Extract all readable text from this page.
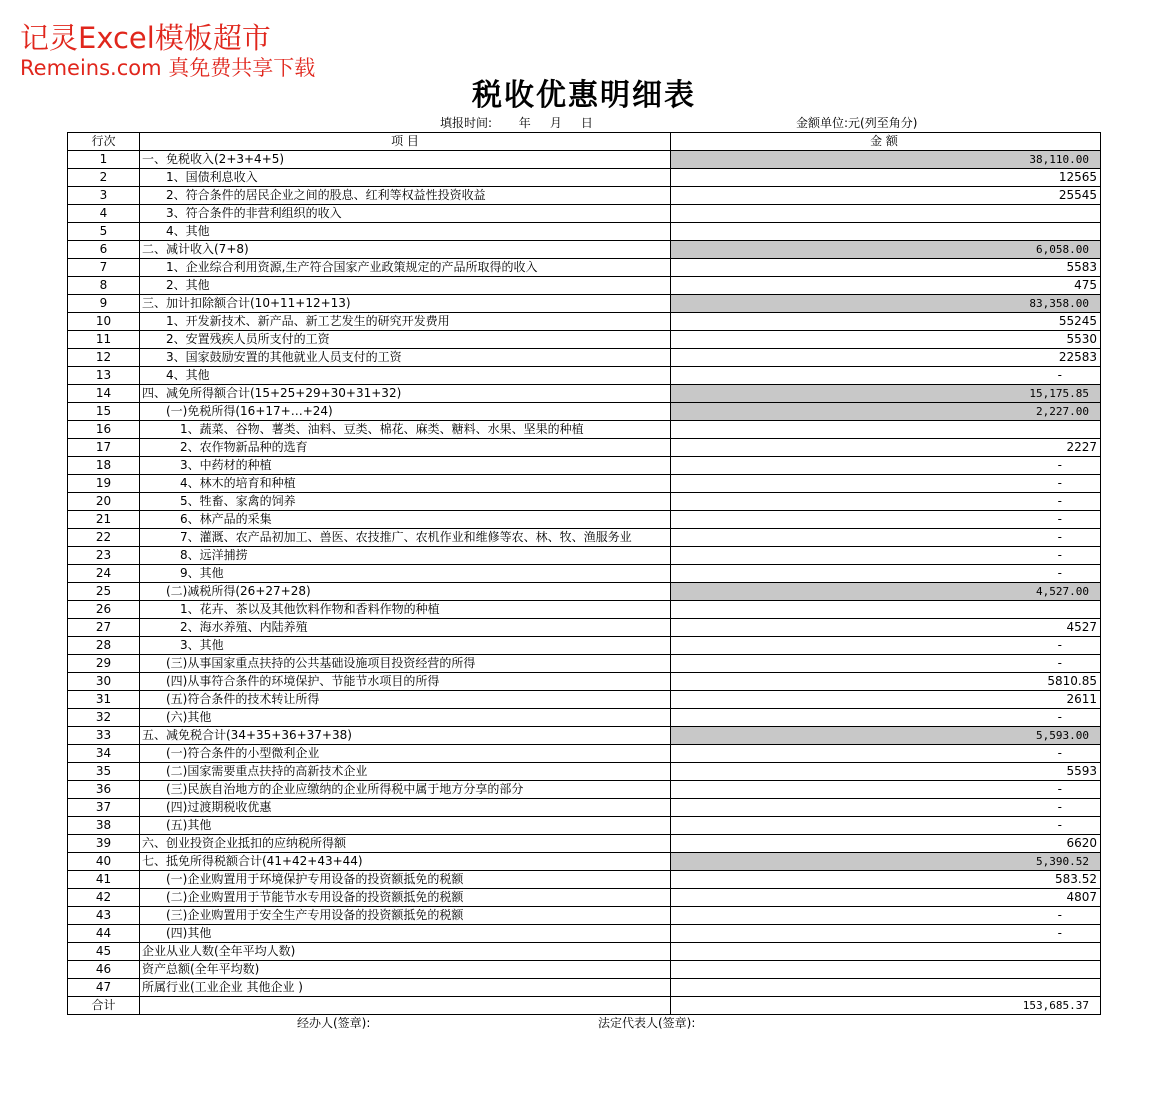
记灵Excel模板超市
Remeins.com 真免费共享下载
税收优惠明细表
填报时间:       年     月     日	金额单位:元(列至角分)
行次	项 目	金 额
1	一、免税收入(2+3+4+5)	38,110.00
2	1、国债利息收入	12565
3	2、符合条件的居民企业之间的股息、红利等权益性投资收益	25545
4	3、符合条件的非营利组织的收入	
5	4、其他	
6	二、减计收入(7+8)	6,058.00
7	1、企业综合利用资源,生产符合国家产业政策规定的产品所取得的收入	5583
8	2、其他	475
9	三、加计扣除额合计(10+11+12+13)	83,358.00
10	1、开发新技术、新产品、新工艺发生的研究开发费用	55245
11	2、安置残疾人员所支付的工资	5530
12	3、国家鼓励安置的其他就业人员支付的工资	22583
13	4、其他	-
14	四、减免所得额合计(15+25+29+30+31+32)	15,175.85
15	(一)免税所得(16+17+…+24)	2,227.00
16	1、蔬菜、谷物、薯类、油料、豆类、棉花、麻类、糖料、水果、坚果的种植	
17	2、农作物新品种的选育	2227
18	3、中药材的种植	-
19	4、林木的培育和种植	-
20	5、牲畜、家禽的饲养	-
21	6、林产品的采集	-
22	7、灌溉、农产品初加工、兽医、农技推广、农机作业和维修等农、林、牧、渔服务业	-
23	8、远洋捕捞	-
24	9、其他	-
25	(二)减税所得(26+27+28)	4,527.00
26	1、花卉、茶以及其他饮料作物和香料作物的种植	
27	2、海水养殖、内陆养殖	4527
28	3、其他	-
29	(三)从事国家重点扶持的公共基础设施项目投资经营的所得	-
30	(四)从事符合条件的环境保护、节能节水项目的所得	5810.85
31	(五)符合条件的技术转让所得	2611
32	(六)其他	-
33	五、减免税合计(34+35+36+37+38)	5,593.00
34	(一)符合条件的小型微利企业	-
35	(二)国家需要重点扶持的高新技术企业	5593
36	(三)民族自治地方的企业应缴纳的企业所得税中属于地方分享的部分	-
37	(四)过渡期税收优惠	-
38	(五)其他	-
39	六、创业投资企业抵扣的应纳税所得额	6620
40	七、抵免所得税额合计(41+42+43+44)	5,390.52
41	(一)企业购置用于环境保护专用设备的投资额抵免的税额	583.52
42	(二)企业购置用于节能节水专用设备的投资额抵免的税额	4807
43	(三)企业购置用于安全生产专用设备的投资额抵免的税额	-
44	(四)其他	-
45	企业从业人数(全年平均人数)	
46	资产总额(全年平均数)	
47	所属行业(工业企业 其他企业 )	
合计		153,685.37
经办人(签章):	法定代表人(签章):
